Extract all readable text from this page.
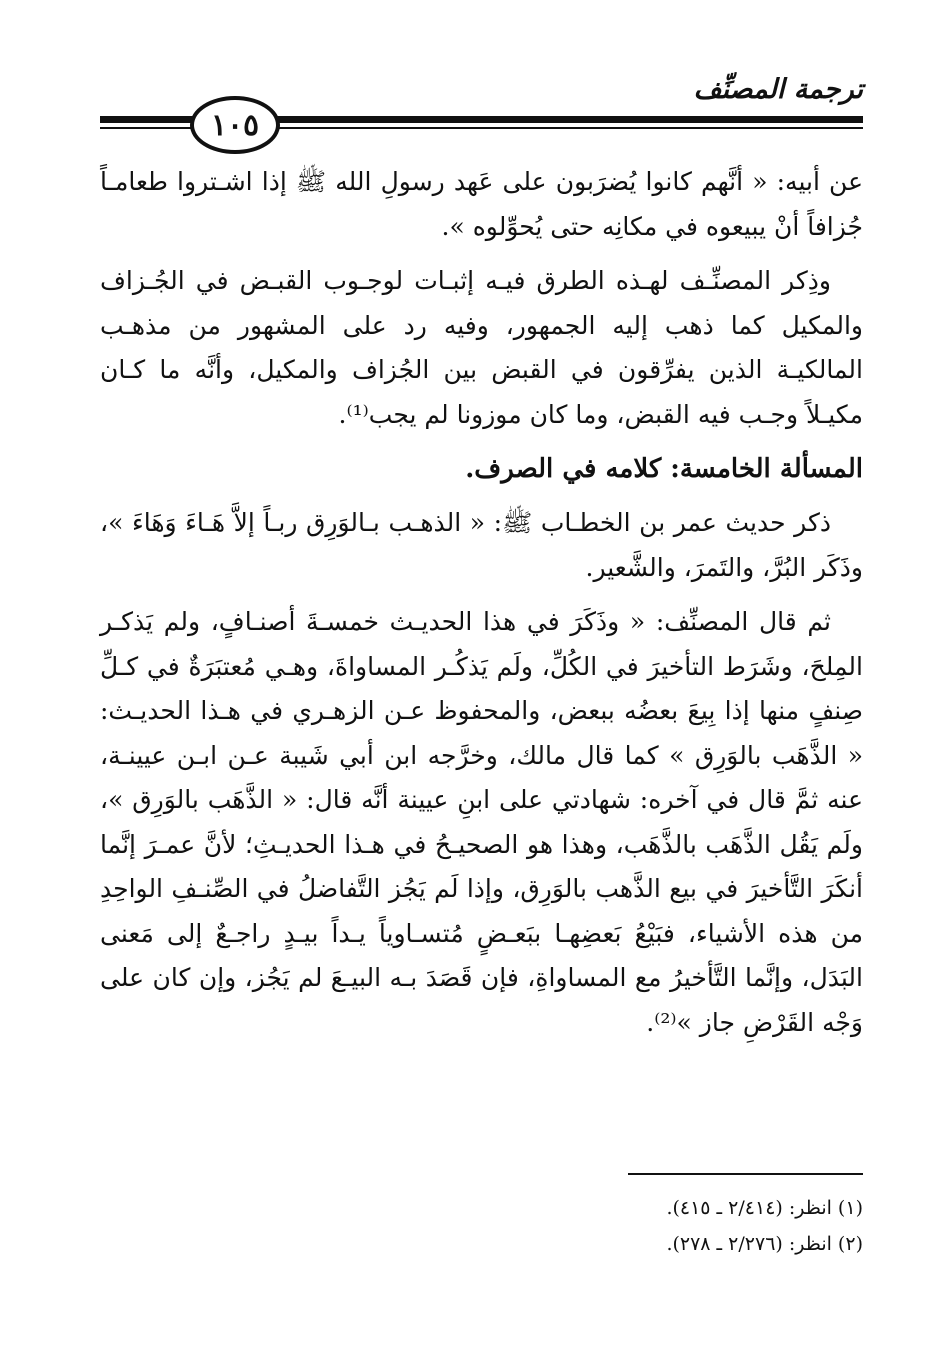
ترجمة المصنِّف
١٠٥

عن أبيه: « أنَّهم كانوا يُضرَبون على عَهد رسولِ الله ﷺ إذا اشـتروا طعامـاً جُزافاً أنْ يبيعوه في مكانِه حتى يُحوِّلوه ».

وذِكر المصنِّـف لهـذه الطرق فيـه إثبـات لوجـوب القبـض في الجُـزاف والمكيل كما ذهب إليه الجمهور، وفيه رد على المشهور من مذهـب المالكيـة الذين يفرِّقون في القبض بين الجُزاف والمكيل، وأنَّه ما كـان مكيـلاً وجـب فيه القبض، وما كان موزونا لم يجب⁽¹⁾.

المسألة الخامسة: كلامه في الصرف.

ذكر حديث عمر بن الخطـاب ﷺ: « الذهـب بـالوَرِق ربـاً إلاَّ هَـاءَ وَهَاءَ »، وذَكَر البُرَّ، والتَمرَ، والشَّعير.

ثم قال المصنِّف: « وذَكَرَ في هذا الحديـث خمسـةَ أصنـافٍ، ولم يَذكـر المِلحَ، وشَرَط التأخيرَ في الكُلِّ، ولَم يَذكُـر المساواةَ، وهـي مُعتبَرَةٌ في كـلِّ صِنفٍ منها إذا بِيعَ بعضُه ببعض، والمحفوظ عـن الزهـري في هـذا الحديـث: « الذَّهَب بالوَرِق » كما قال مالك، وخرَّجه ابن أبي شَيبة عـن ابـن عيينـة، عنه ثمَّ قال في آخره: شهادتي على ابنِ عيينة أنَّه قال: « الذَّهَب بالوَرِق »، ولَم يَقُل الذَّهَب بالذَّهَب، وهذا هو الصحيـحُ في هـذا الحديـثِ؛ لأنَّ عمـرَ إنَّما أنكَرَ التَّأخيرَ في بيع الذَّهب بالوَرِق، وإذا لَم يَجُز التَّفاضلُ في الصِّنـفِ الواحِدِ من هذه الأشياء، فبَيْعُ بَعضِهـا ببَعـضٍ مُتسـاوياً يـداً بيـدٍ راجـعٌ إلى مَعنى البَدَل، وإنَّما التَّأخيرُ مع المساواةِ، فإن قَصَدَ بـه البيـعَ لم يَجُز، وإن كان على وَجْه القَرْضِ جاز »⁽²⁾.

(١) انظر: (٢/٤١٤ ـ ٤١٥).
(٢) انظر: (٢/٢٧٦ ـ ٢٧٨).
